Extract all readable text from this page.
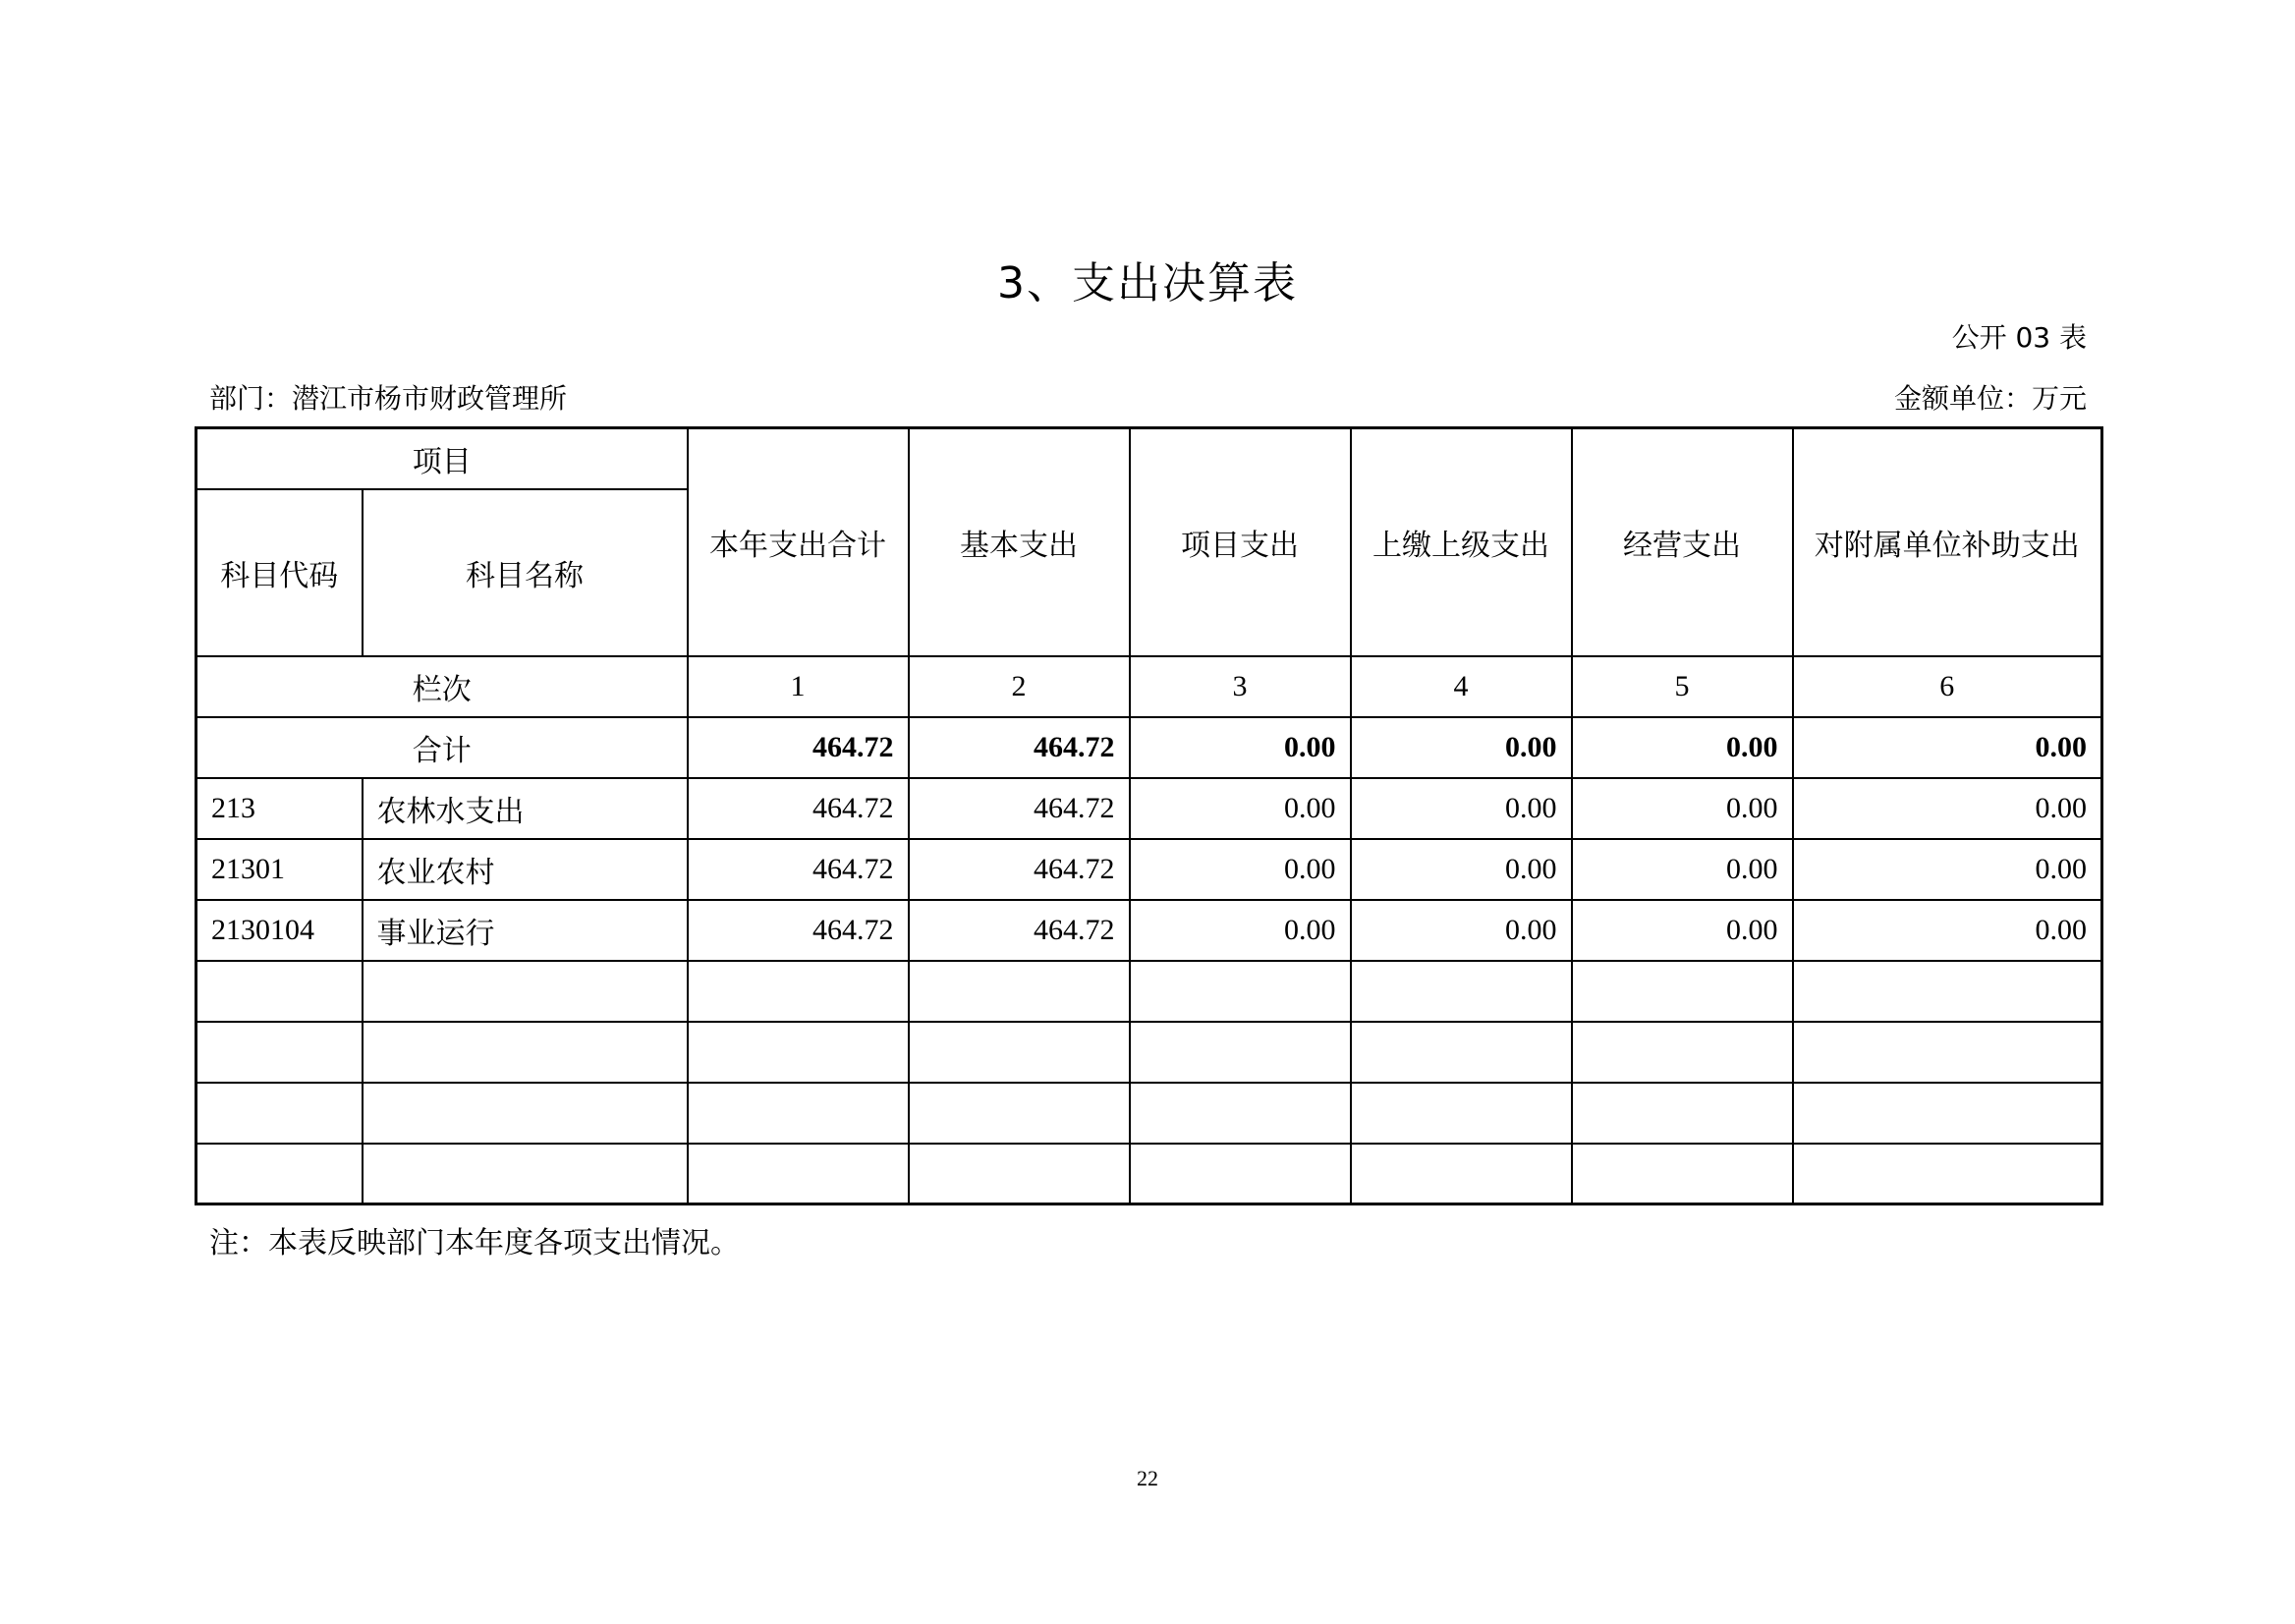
3、支出决算表
公开 03 表
部门：潜江市杨市财政管理所	金额单位：万元
项目		本年支出合计	基本支出	项目支出	上缴上级支出	经营支出	对附属单位补助支出
科目代码	科目名称						
栏次		1	2	3	4	5	6
合计		464.72	464.72	0.00	0.00	0.00	0.00
213	农林水支出	464.72	464.72	0.00	0.00	0.00	0.00
21301	农业农村	464.72	464.72	0.00	0.00	0.00	0.00
2130104	事业运行	464.72	464.72	0.00	0.00	0.00	0.00

注：本表反映部门本年度各项支出情况。
22
